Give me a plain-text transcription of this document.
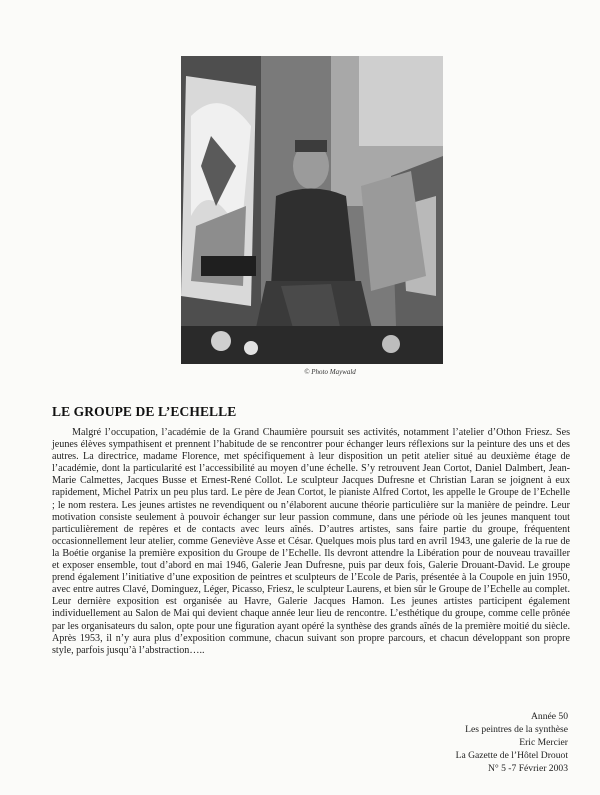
© Photo Maywald
LE GROUPE DE L’ECHELLE

Malgré l’occupation, l’académie de la Grand Chaumière poursuit ses activités, notamment l’atelier d’Othon Friesz. Ses jeunes élèves sympathisent et prennent l’habitude de se rencontrer pour échanger leurs réflexions sur la peinture des uns et des autres. La directrice, madame Florence, met spécifiquement à leur disposition un petit atelier situé au deuxième étage de l’académie, dont la particularité est l’accessibilité au moyen d’une échelle. S’y retrouvent Jean Cortot, Daniel Dalmbert, Jean-Marie Calmettes, Jacques Busse et Ernest-René Collot. Le sculpteur Jacques Dufresne et Christian Laran se joignent à eux rapidement, Michel Patrix un peu plus tard. Le père de Jean Cortot, le pianiste Alfred Cortot, les appelle le Groupe de l’Echelle ; le nom restera. Les jeunes artistes ne revendiquent ou n’élaborent aucune théorie particulière sur la manière de peindre. Leur motivation consiste seulement à pouvoir échanger sur leur passion commune, dans une période où les jeunes manquent tout particulièrement de repères et de contacts avec leurs aînés. D’autres artistes, sans faire partie du groupe, fréquentent occasionnellement leur atelier, comme Geneviève Asse et César. Quelques mois plus tard en avril 1943, une galerie de la rue de la Boétie organise la première exposition du Groupe de l’Echelle. Ils devront attendre la Libération pour de nouveau travailler et exposer ensemble, tout d’abord en mai 1946, Galerie Jean Dufresne, puis par deux fois, Galerie Drouant-David. Le groupe prend également l’initiative d’une exposition de peintres et sculpteurs de l’Ecole de Paris, présentée à la Coupole en juin 1950, avec entre autres Clavé, Dominguez, Léger, Picasso, Friesz, le sculpteur Laurens, et bien sûr le Groupe de l’Echelle au complet. Leur dernière exposition est organisée au Havre, Galerie Jacques Hamon. Les jeunes artistes participent également individuellement au Salon de Mai qui devient chaque année leur lieu de rencontre. L’esthétique du groupe, comme celle prônée par les organisateurs du salon, opte pour une figuration ayant opéré la synthèse des grands aînés de la première moitié du siècle. Après 1953, il n’y aura plus d’exposition commune, chacun suivant son propre parcours, et chacun développant son propre style, parfois jusqu’à l’abstraction…..

Année 50
Les peintres de la synthèse
Eric Mercier
La Gazette de l’Hôtel Drouot
N° 5 -7 Février 2003
